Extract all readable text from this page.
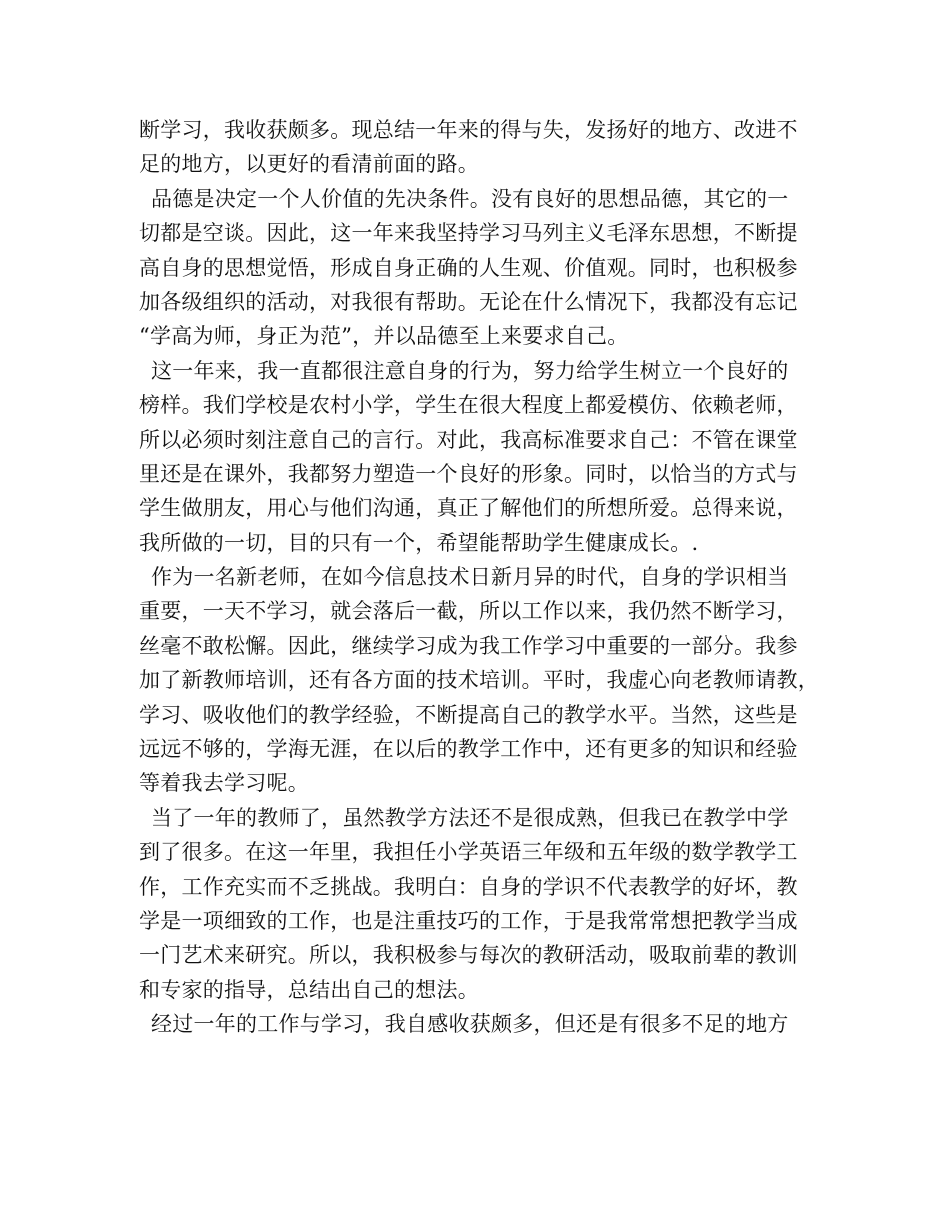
断学习，我收获颇多。现总结一年来的得与失，发扬好的地方、改进不
足的地方，以更好的看清前面的路。
品德是决定一个人价值的先决条件。没有良好的思想品德，其它的一
切都是空谈。因此，这一年来我坚持学习马列主义毛泽东思想，不断提
高自身的思想觉悟，形成自身正确的人生观、价值观。同时，也积极参
加各级组织的活动，对我很有帮助。无论在什么情况下，我都没有忘记
“学高为师，身正为范”，并以品德至上来要求自己。
这一年来，我一直都很注意自身的行为，努力给学生树立一个良好的
榜样。我们学校是农村小学，学生在很大程度上都爱模仿、依赖老师，
所以必须时刻注意自己的言行。对此，我高标准要求自己：不管在课堂
里还是在课外，我都努力塑造一个良好的形象。同时，以恰当的方式与
学生做朋友，用心与他们沟通，真正了解他们的所想所爱。总得来说，
我所做的一切，目的只有一个，希望能帮助学生健康成长。.
作为一名新老师，在如今信息技术日新月异的时代，自身的学识相当
重要，一天不学习，就会落后一截，所以工作以来，我仍然不断学习，
丝毫不敢松懈。因此，继续学习成为我工作学习中重要的一部分。我参
加了新教师培训，还有各方面的技术培训。平时，我虚心向老教师请教，
学习、吸收他们的教学经验，不断提高自己的教学水平。当然，这些是
远远不够的，学海无涯，在以后的教学工作中，还有更多的知识和经验
等着我去学习呢。
当了一年的教师了，虽然教学方法还不是很成熟，但我已在教学中学
到了很多。在这一年里，我担任小学英语三年级和五年级的数学教学工
作，工作充实而不乏挑战。我明白：自身的学识不代表教学的好坏，教
学是一项细致的工作，也是注重技巧的工作，于是我常常想把教学当成
一门艺术来研究。所以，我积极参与每次的教研活动，吸取前辈的教训
和专家的指导，总结出自己的想法。
经过一年的工作与学习，我自感收获颇多，但还是有很多不足的地方
